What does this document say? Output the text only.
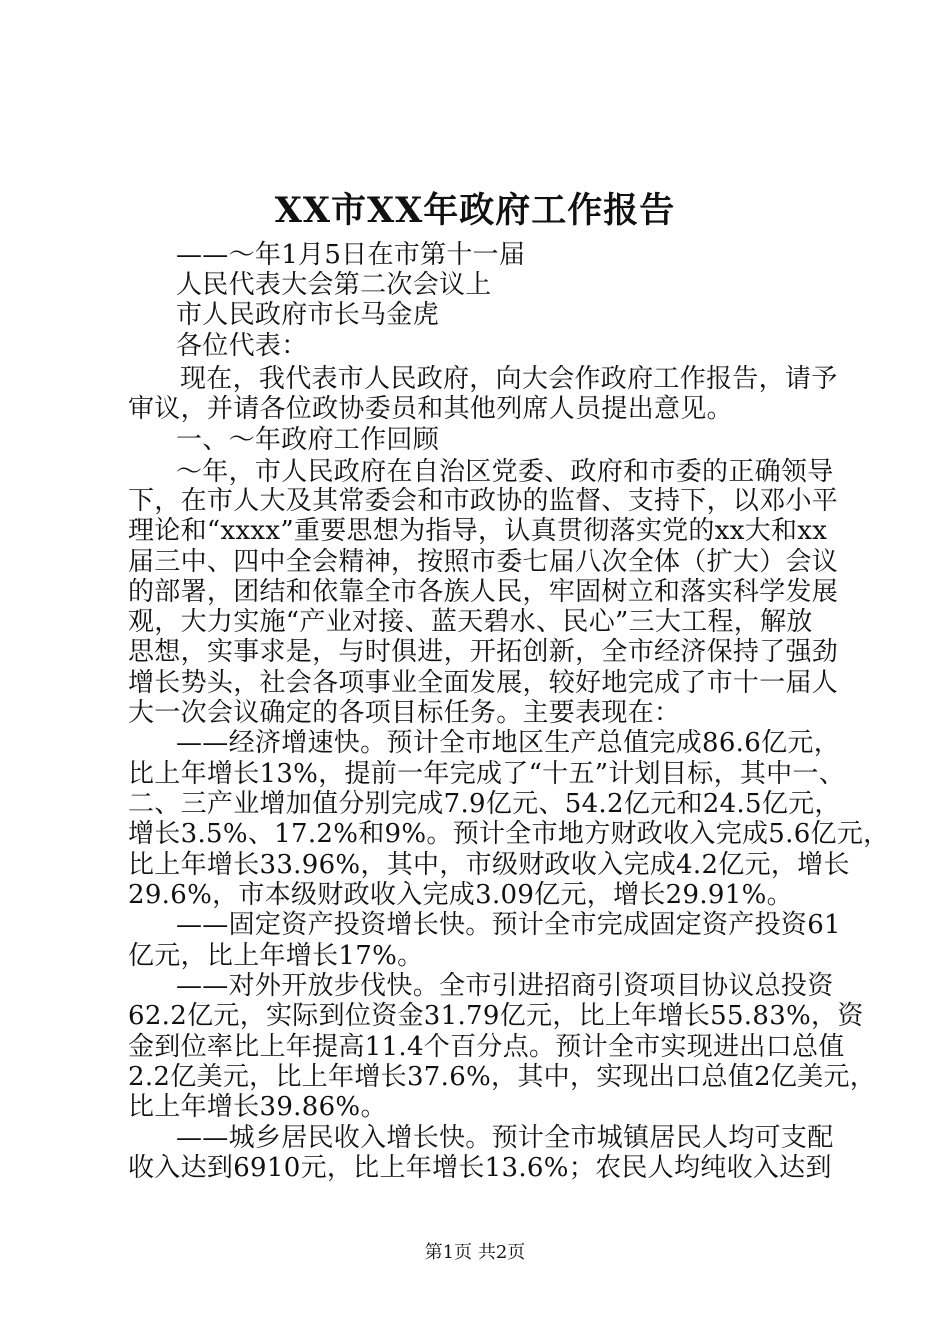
XX市XX年政府工作报告
——～年1月5日在市第十一届
人民代表大会第二次会议上
市人民政府市长马金虎
各位代表：
现在，我代表市人民政府，向大会作政府工作报告，请予
审议，并请各位政协委员和其他列席人员提出意见。
一、～年政府工作回顾
～年，市人民政府在自治区党委、政府和市委的正确领导
下，在市人大及其常委会和市政协的监督、支持下，以邓小平
理论和“xxxx”重要思想为指导，认真贯彻落实党的xx大和xx
届三中、四中全会精神，按照市委七届八次全体（扩大）会议
的部署，团结和依靠全市各族人民，牢固树立和落实科学发展
观，大力实施“产业对接、蓝天碧水、民心”三大工程，解放
思想，实事求是，与时俱进，开拓创新，全市经济保持了强劲
增长势头，社会各项事业全面发展，较好地完成了市十一届人
大一次会议确定的各项目标任务。主要表现在：
——经济增速快。预计全市地区生产总值完成86.6亿元，
比上年增长13%，提前一年完成了“十五”计划目标，其中一、
二、三产业增加值分别完成7.9亿元、54.2亿元和24.5亿元，
增长3.5%、17.2%和9%。预计全市地方财政收入完成5.6亿元，
比上年增长33.96%，其中，市级财政收入完成4.2亿元，增长
29.6%，市本级财政收入完成3.09亿元，增长29.91%。
——固定资产投资增长快。预计全市完成固定资产投资61
亿元，比上年增长17%。
——对外开放步伐快。全市引进招商引资项目协议总投资
62.2亿元，实际到位资金31.79亿元，比上年增长55.83%，资
金到位率比上年提高11.4个百分点。预计全市实现进出口总值
2.2亿美元，比上年增长37.6%，其中，实现出口总值2亿美元，
比上年增长39.86%。
——城乡居民收入增长快。预计全市城镇居民人均可支配
收入达到6910元，比上年增长13.6%；农民人均纯收入达到
第1页 共2页
